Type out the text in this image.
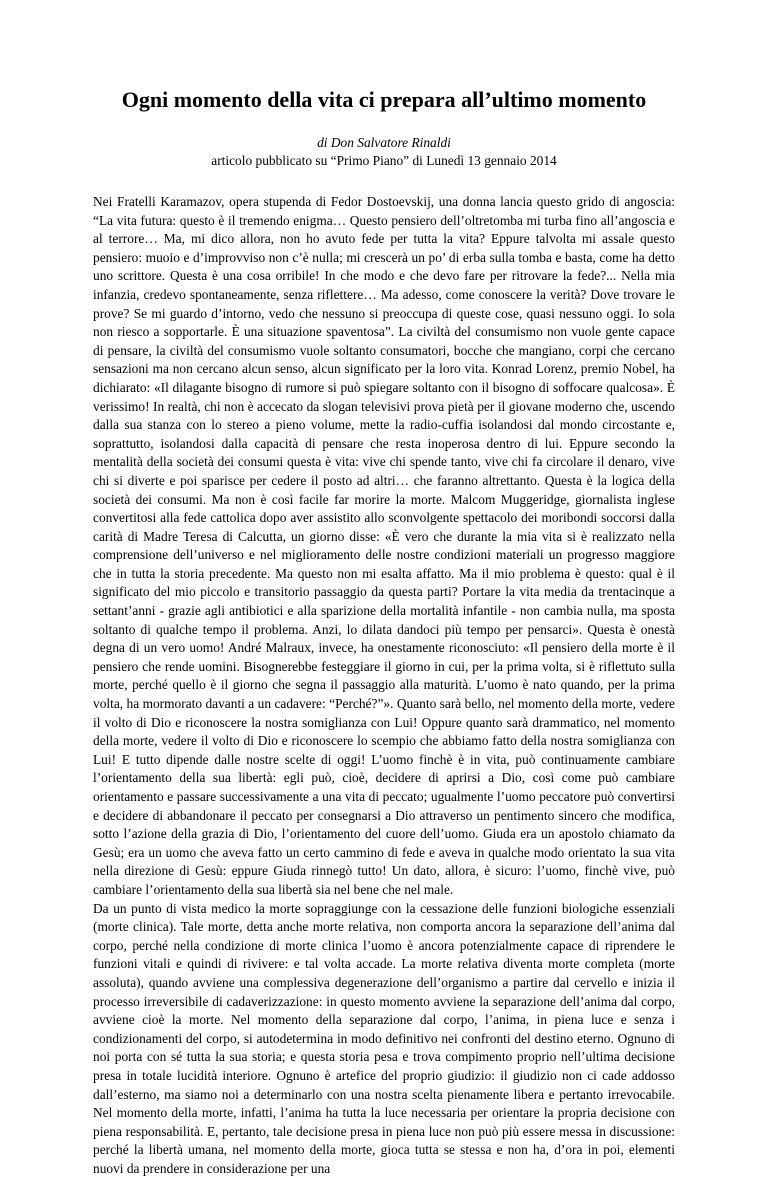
Ogni momento della vita ci prepara all’ultimo momento
di Don Salvatore Rinaldi
articolo pubblicato su “Primo Piano” di Lunedì 13 gennaio 2014

Nei Fratelli Karamazov, opera stupenda di Fedor Dostoevskij, una donna lancia questo grido di angoscia: “La vita futura: questo è il tremendo enigma… Questo pensiero dell’oltretomba mi turba fino all’angoscia e al terrore… Ma, mi dico allora, non ho avuto fede per tutta la vita? Eppure talvolta mi assale questo pensiero: muoio e d’improvviso non c’è nulla; mi crescerà un po’ di erba sulla tomba e basta, come ha detto uno scrittore. Questa è una cosa orribile! In che modo e che devo fare per ritrovare la fede?... Nella mia infanzia, credevo spontaneamente, senza riflettere… Ma adesso, come conoscere la verità? Dove trovare le prove? Se mi guardo d’intorno, vedo che nessuno si preoccupa di queste cose, quasi nessuno oggi. Io sola non riesco a sopportarle. È una situazione spaventosa”. La civiltà del consumismo non vuole gente capace di pensare, la civiltà del consumismo vuole soltanto consumatori, bocche che mangiano, corpi che cercano sensazioni ma non cercano alcun senso, alcun significato per la loro vita. Konrad Lorenz, premio Nobel, ha dichiarato: «Il dilagante bisogno di rumore si può spiegare soltanto con il bisogno di soffocare qualcosa». È verissimo! In realtà, chi non è accecato da slogan televisivi prova pietà per il giovane moderno che, uscendo dalla sua stanza con lo stereo a pieno volume, mette la radio-cuffia isolandosi dal mondo circostante e, soprattutto, isolandosi dalla capacità di pensare che resta inoperosa dentro di lui. Eppure secondo la mentalità della società dei consumi questa è vita: vive chi spende tanto, vive chi fa circolare il denaro, vive chi si diverte e poi sparisce per cedere il posto ad altri… che faranno altrettanto. Questa è la logica della società dei consumi. Ma non è così facile far morire la morte. Malcom Muggeridge, giornalista inglese convertitosi alla fede cattolica dopo aver assistito allo sconvolgente spettacolo dei moribondi soccorsi dalla carità di Madre Teresa di Calcutta, un giorno disse: «È vero che durante la mia vita si è realizzato nella comprensione dell’universo e nel miglioramento delle nostre condizioni materiali un progresso maggiore che in tutta la storia precedente. Ma questo non mi esalta affatto. Ma il mio problema è questo: qual è il significato del mio piccolo e transitorio passaggio da questa parti? Portare la vita media da trentacinque a settant’anni - grazie agli antibiotici e alla sparizione della mortalità infantile - non cambia nulla, ma sposta soltanto di qualche tempo il problema. Anzi, lo dilata dandoci più tempo per pensarci». Questa è onestà degna di un vero uomo! André Malraux, invece, ha onestamente riconosciuto: «Il pensiero della morte è il pensiero che rende uomini. Bisognerebbe festeggiare il giorno in cui, per la prima volta, si è riflettuto sulla morte, perché quello è il giorno che segna il passaggio alla maturità. L’uomo è nato quando, per la prima volta, ha mormorato davanti a un cadavere: “Perché?”». Quanto sarà bello, nel momento della morte, vedere il volto di Dio e riconoscere la nostra somiglianza con Lui! Oppure quanto sarà drammatico, nel momento della morte, vedere il volto di Dio e riconoscere lo scempio che abbiamo fatto della nostra somiglianza con Lui! E tutto dipende dalle nostre scelte di oggi! L’uomo finchè è in vita, può continuamente cambiare l’orientamento della sua libertà: egli può, cioè, decidere di aprirsi a Dio, così come può cambiare orientamento e passare successivamente a una vita di peccato; ugualmente l’uomo peccatore può convertirsi e decidere di abbandonare il peccato per consegnarsi a Dio attraverso un pentimento sincero che modifica, sotto l’azione della grazia di Dio, l’orientamento del cuore dell’uomo. Giuda era un apostolo chiamato da Gesù; era un uomo che aveva fatto un certo cammino di fede e aveva in qualche modo orientato la sua vita nella direzione di Gesù: eppure Giuda rinnegò tutto! Un dato, allora, è sicuro: l’uomo, finchè vive, può cambiare l’orientamento della sua libertà sia nel bene che nel male.

Da un punto di vista medico la morte sopraggiunge con la cessazione delle funzioni biologiche essenziali (morte clinica). Tale morte, detta anche morte relativa, non comporta ancora la separazione dell’anima dal corpo, perché nella condizione di morte clinica l’uomo è ancora potenzialmente capace di riprendere le funzioni vitali e quindi di rivivere: e tal volta accade. La morte relativa diventa morte completa (morte assoluta), quando avviene una complessiva degenerazione dell’organismo a partire dal cervello e inizia il processo irreversibile di cadaverizzazione: in questo momento avviene la separazione dell’anima dal corpo, avviene cioè la morte. Nel momento della separazione dal corpo, l’anima, in piena luce e senza i condizionamenti del corpo, si autodetermina in modo definitivo nei confronti del destino eterno. Ognuno di noi porta con sé tutta la sua storia; e questa storia pesa e trova compimento proprio nell’ultima decisione presa in totale lucidità interiore. Ognuno è artefice del proprio giudizio: il giudizio non ci cade addosso dall’esterno, ma siamo noi a determinarlo con una nostra scelta pienamente libera e pertanto irrevocabile. Nel momento della morte, infatti, l’anima ha tutta la luce necessaria per orientare la propria decisione con piena responsabilità. E, pertanto, tale decisione presa in piena luce non può più essere messa in discussione: perché la libertà umana, nel momento della morte, gioca tutta se stessa e non ha, d’ora in poi, elementi nuovi da prendere in considerazione per una
